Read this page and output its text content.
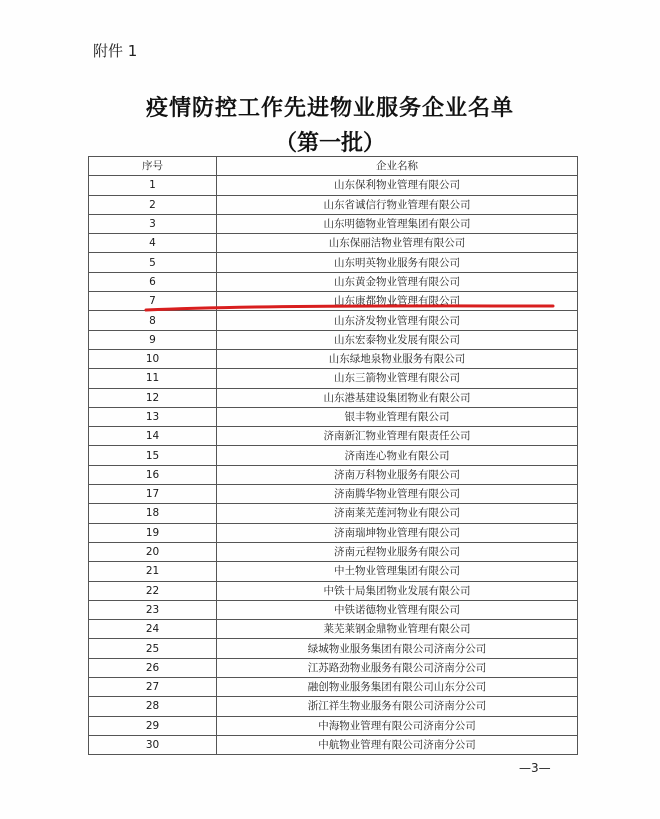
附件 1
疫情防控工作先进物业服务企业名单
（第一批）
序号	企业名称
1	山东保利物业管理有限公司
2	山东省诚信行物业管理有限公司
3	山东明德物业管理集团有限公司
4	山东保丽洁物业管理有限公司
5	山东明英物业服务有限公司
6	山东黄金物业管理有限公司
7	山东康都物业管理有限公司
8	山东济发物业管理有限公司
9	山东宏泰物业发展有限公司
10	山东绿地泉物业服务有限公司
11	山东三箭物业管理有限公司
12	山东港基建设集团物业有限公司
13	银丰物业管理有限公司
14	济南新汇物业管理有限责任公司
15	济南连心物业有限公司
16	济南万科物业服务有限公司
17	济南腾华物业管理有限公司
18	济南莱芜莲河物业有限公司
19	济南瑞坤物业管理有限公司
20	济南元程物业服务有限公司
21	中土物业管理集团有限公司
22	中铁十局集团物业发展有限公司
23	中铁诺德物业管理有限公司
24	莱芜莱钢金鼎物业管理有限公司
25	绿城物业服务集团有限公司济南分公司
26	江苏路劲物业服务有限公司济南分公司
27	融创物业服务集团有限公司山东分公司
28	浙江祥生物业服务有限公司济南分公司
29	中海物业管理有限公司济南分公司
30	中航物业管理有限公司济南分公司
—3—
